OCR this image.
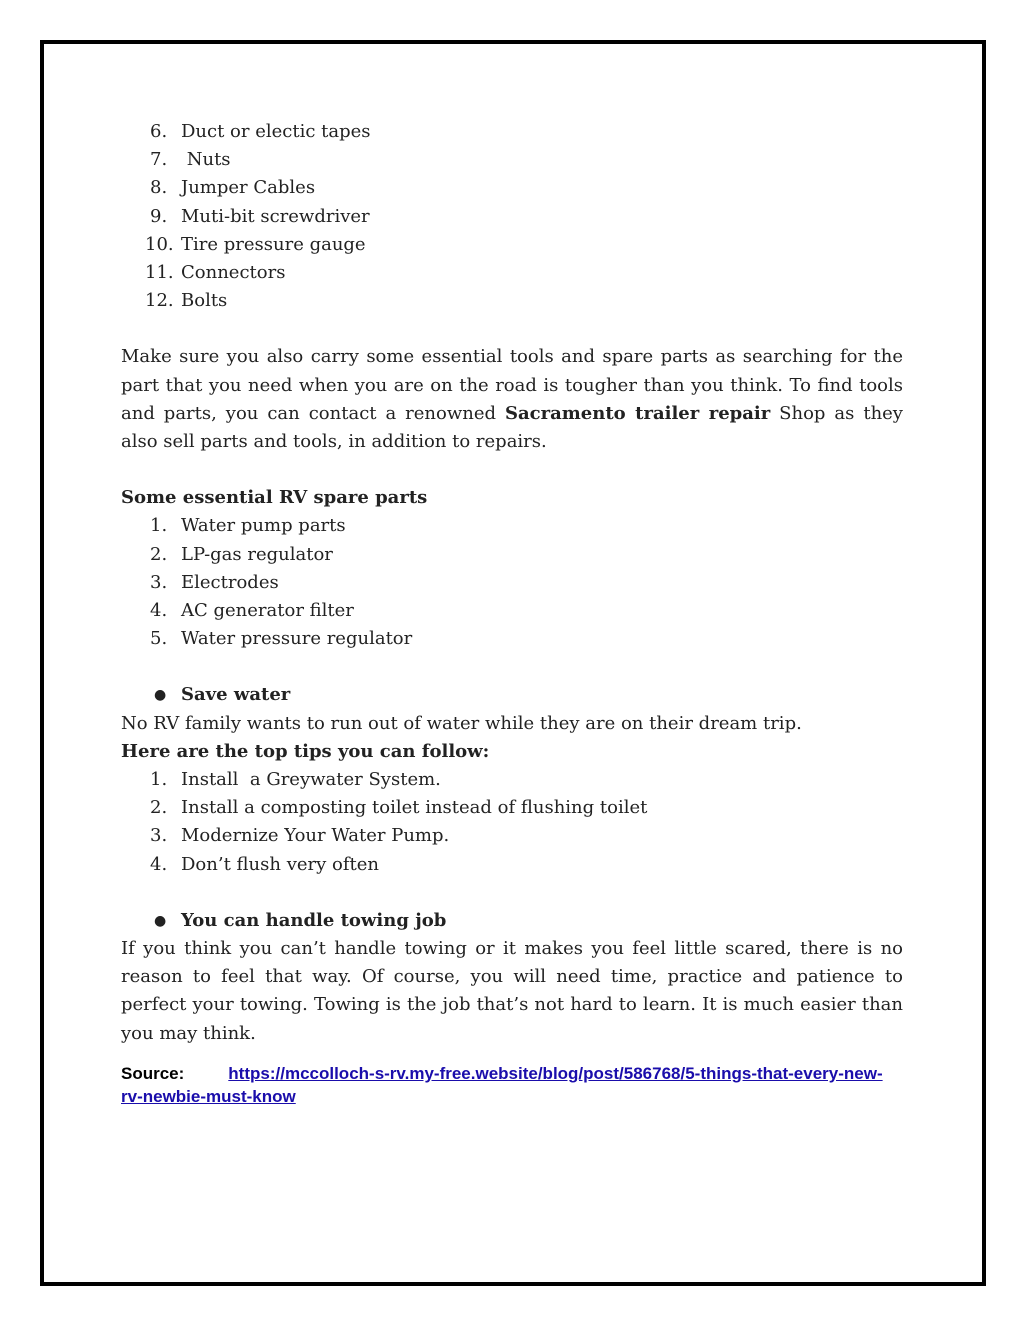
6. Duct or electic tapes
7. Nuts
8. Jumper Cables
9. Muti-bit screwdriver
10. Tire pressure gauge
11. Connectors
12. Bolts

Make sure you also carry some essential tools and spare parts as searching for the part that you need when you are on the road is tougher than you think. To find tools and parts, you can contact a renowned Sacramento trailer repair Shop as they also sell parts and tools, in addition to repairs.

Some essential RV spare parts

1. Water pump parts
2. LP-gas regulator
3. Electrodes
4. AC generator filter
5. Water pressure regulator
● Save water

No RV family wants to run out of water while they are on their dream trip.

Here are the top tips you can follow:

1. Install  a Greywater System.
2. Install a composting toilet instead of flushing toilet
3. Modernize Your Water Pump.
4. Don’t flush very often
● You can handle towing job

If you think you can’t handle towing or it makes you feel little scared, there is no reason to feel that way. Of course, you will need time, practice and patience to perfect your towing. Towing is the job that’s not hard to learn. It is much easier than you may think.

Source:	https://mccolloch-s-rv.my-free.website/blog/post/586768/5-things-that-every-new-rv-newbie-must-know
